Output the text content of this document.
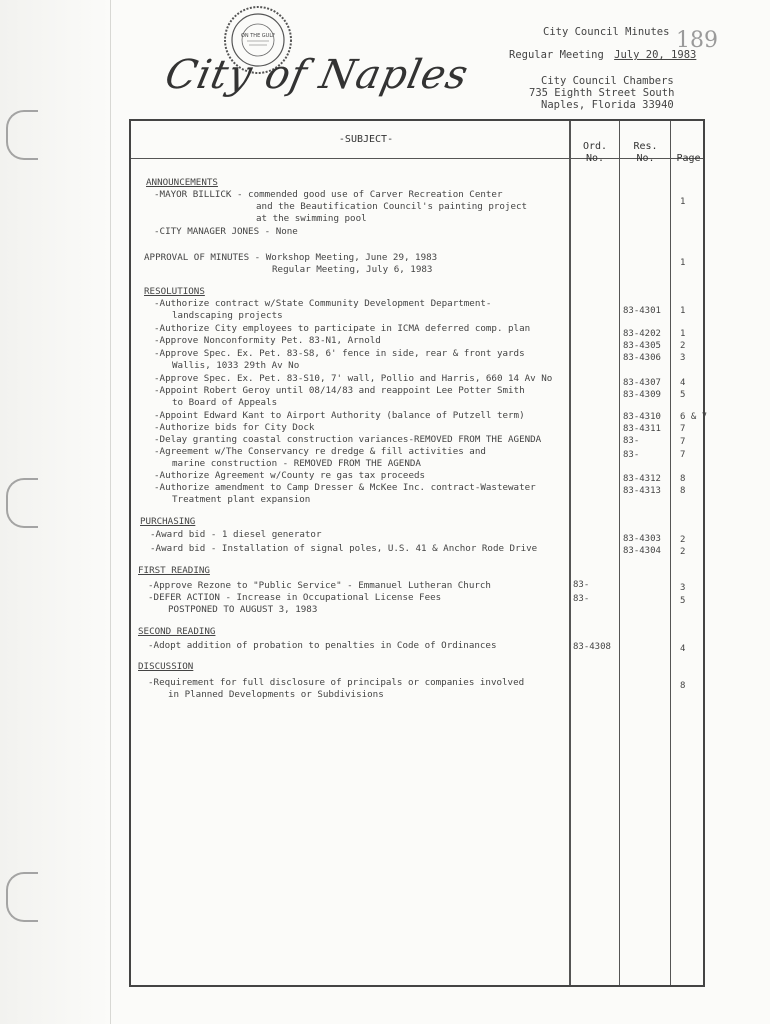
ON THE GULF
City of Naples
City Council Minutes 189
Regular Meeting July 20, 1983
City Council Chambers
735 Eighth Street South
Naples, Florida 33940
-SUBJECT-
Ord.
No.
Res.
No.	Page
ANNOUNCEMENTS
-MAYOR BILLICK - commended good use of Carver Recreation Center
and the Beautification Council's painting project
at the swimming pool
-CITY MANAGER JONES - None
APPROVAL OF MINUTES - Workshop Meeting, June 29, 1983
Regular Meeting, July 6, 1983
RESOLUTIONS
-Authorize contract w/State Community Development Department-
landscaping projects
-Authorize City employees to participate in ICMA deferred comp. plan
-Approve Nonconformity Pet. 83-N1, Arnold
-Approve Spec. Ex. Pet. 83-S8, 6' fence in side, rear & front yards
Wallis, 1033 29th Av No
-Approve Spec. Ex. Pet. 83-S10, 7' wall, Pollio and Harris, 660 14 Av No
-Appoint Robert Geroy until 08/14/83 and reappoint Lee Potter Smith
to Board of Appeals
-Appoint Edward Kant to Airport Authority (balance of Putzell term)
-Authorize bids for City Dock
-Delay granting coastal construction variances-REMOVED FROM THE AGENDA
-Agreement w/The Conservancy re dredge & fill activities and
marine construction - REMOVED FROM THE AGENDA
-Authorize Agreement w/County re gas tax proceeds
-Authorize amendment to Camp Dresser & McKee Inc. contract-Wastewater
Treatment plant expansion
PURCHASING
-Award bid - 1 diesel generator
-Award bid - Installation of signal poles, U.S. 41 & Anchor Rode Drive
FIRST READING
-Approve Rezone to "Public Service" - Emmanuel Lutheran Church
-DEFER ACTION - Increase in Occupational License Fees
POSTPONED TO AUGUST 3, 1983
SECOND READING
-Adopt addition of probation to penalties in Code of Ordinances
DISCUSSION
-Requirement for full disclosure of principals or companies involved
in Planned Developments or Subdivisions
83-
83-
83-4308
83-4301
83-4202
83-4305
83-4306
83-4307
83-4309
83-4310
83-4311
83-
83-
83-4312
83-4313
83-4303
83-4304
1
1
1
1
2
3
4
5
6 & 7
7
7
7
8
8
2
2
3
5
4
8
